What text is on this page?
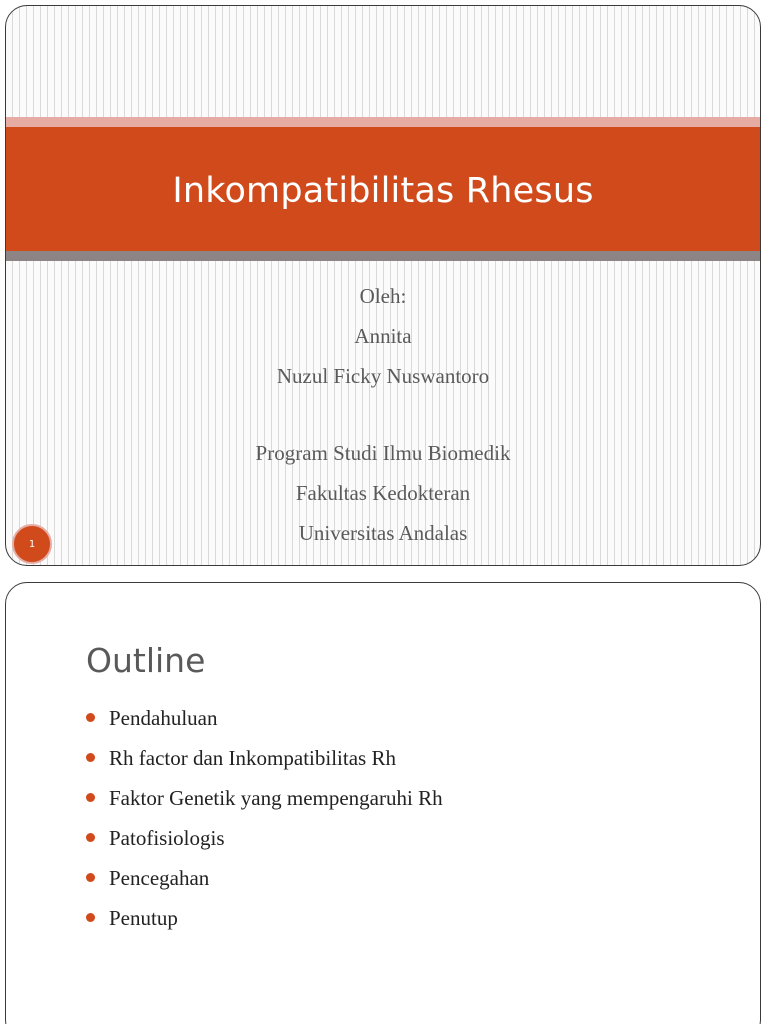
Inkompatibilitas Rhesus
Oleh:
Annita
Nuzul Ficky Nuswantoro
Program Studi Ilmu Biomedik
Fakultas Kedokteran
Universitas Andalas
1
Outline
Pendahuluan
Rh factor dan Inkompatibilitas Rh
Faktor Genetik yang mempengaruhi Rh
Patofisiologis
Pencegahan
Penutup
